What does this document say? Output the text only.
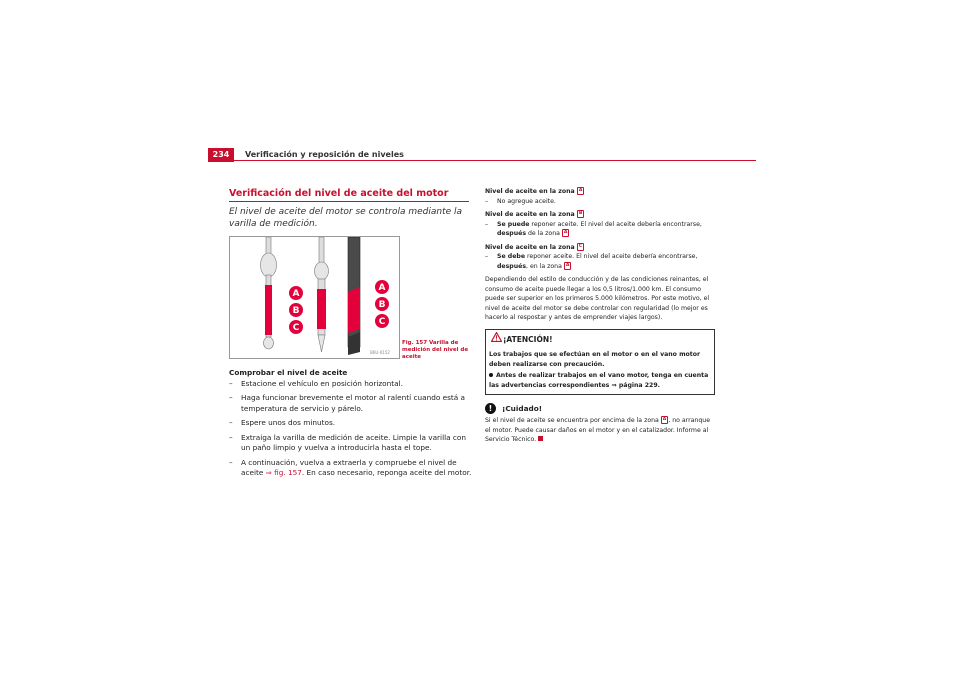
234	Verificación y reposición de niveles
Verificación del nivel de aceite del motor
El nivel de aceite del motor se controla mediante la varilla de medición.
A
B
C
A
B
C
B6U-0152
Fig. 157 Varilla de medición del nivel de aceite

Comprobar el nivel de aceite

– Estacione el vehículo en posición horizontal.
– Haga funcionar brevemente el motor al ralentí cuando está a temperatura de servicio y párelo.
– Espere unos dos minutos.
– Extraiga la varilla de medición de aceite. Limpie la varilla con un paño limpio y vuelva a introducirla hasta el tope.
– A continuación, vuelva a extraerla y compruebe el nivel de aceite ⇒ fig. 157. En caso necesario, reponga aceite del motor.

Nivel de aceite en la zona A

– No agregue aceite.

Nivel de aceite en la zona B

– Se puede reponer aceite. El nivel del aceite debería encontrarse, después de la zona A

Nivel de aceite en la zona C

– Se debe reponer aceite. El nivel del aceite debería encontrarse, después, en la zona A

Dependiendo del estilo de conducción y de las condiciones reinantes, el consumo de aceite puede llegar a los 0,5 litros/1.000 km. El consumo puede ser superior en los primeros 5.000 kilómetros. Por este motivo, el nivel de aceite del motor se debe controlar con regularidad (lo mejor es hacerlo al respostar y antes de emprender viajes largos).

¡ATENCIÓN!

Los trabajos que se efectúan en el motor o en el vano motor deben realizarse con precaución.

Antes de realizar trabajos en el vano motor, tenga en cuenta las advertencias correspondientes ⇒ página 229.

!	¡Cuidado!

Si el nivel de aceite se encuentra por encima de la zona A , no arranque el motor. Puede causar daños en el motor y en el catalizador. Informe al Servicio Técnico.
